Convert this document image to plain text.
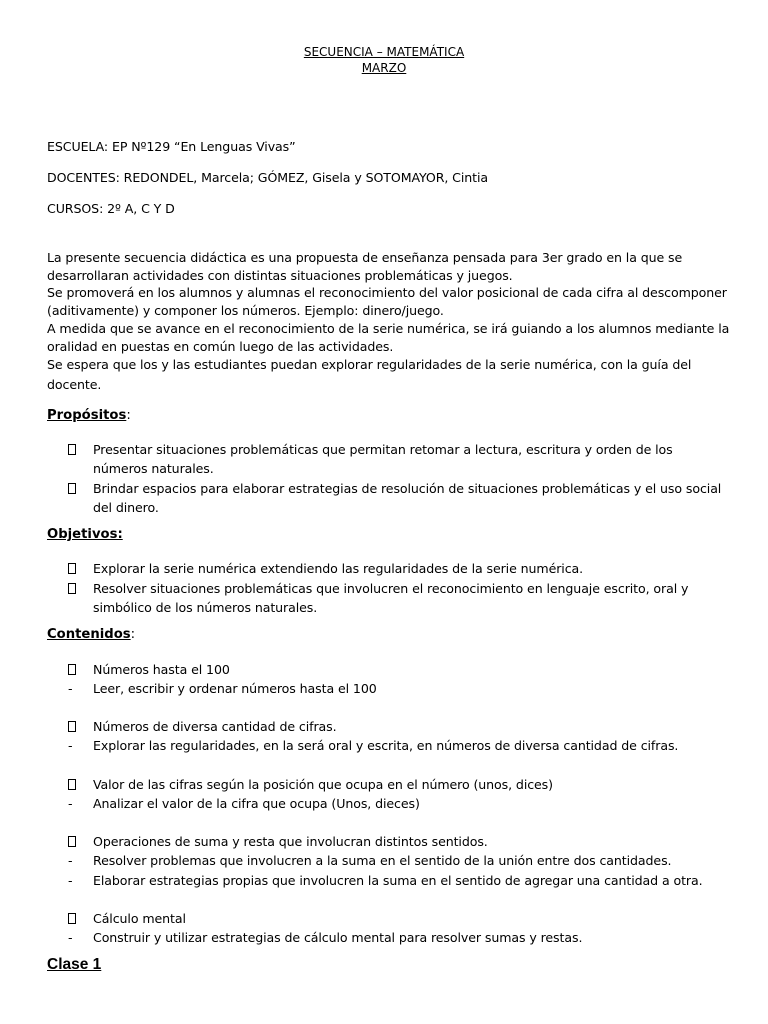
SECUENCIA – MATEMÁTICA
MARZO
ESCUELA: EP Nº129 “En Lenguas Vivas”
DOCENTES: REDONDEL, Marcela; GÓMEZ, Gisela y SOTOMAYOR, Cintia
CURSOS: 2º A, C Y D
La presente secuencia didáctica es una propuesta de enseñanza pensada para 3er grado en la que se desarrollaran actividades con distintas situaciones problemáticas y juegos.
Se promoverá en los alumnos y alumnas el reconocimiento del valor posicional de cada cifra al descomponer (aditivamente) y componer los números. Ejemplo: dinero/juego.
A medida que se avance en el reconocimiento de la serie numérica, se irá guiando a los alumnos mediante la oralidad en puestas en común luego de las actividades.
Se espera que los y las estudiantes puedan explorar regularidades de la serie numérica, con la guía del docente.
Propósitos:
Presentar situaciones problemáticas que permitan retomar a lectura, escritura y orden de los números naturales.
Brindar espacios para elaborar estrategias de resolución de situaciones problemáticas y el uso social del dinero.
Objetivos:
Explorar la serie numérica extendiendo las regularidades de la serie numérica.
Resolver situaciones problemáticas que involucren el reconocimiento en lenguaje escrito, oral y simbólico de los números naturales.
Contenidos:
Números hasta el 100
- Leer, escribir y ordenar números hasta el 100
Números de diversa cantidad de cifras.
- Explorar las regularidades, en la será oral y escrita, en números de diversa cantidad de cifras.
Valor de las cifras según la posición que ocupa en el número (unos, dices)
- Analizar el valor de la cifra que ocupa (Unos, dieces)
Operaciones de suma y resta que involucran distintos sentidos.
- Resolver problemas que involucren a la suma en el sentido de la unión entre dos cantidades.
- Elaborar estrategias propias que involucren la suma en el sentido de agregar una cantidad a otra.
Cálculo mental
- Construir y utilizar estrategias de cálculo mental para resolver sumas y restas.
Clase 1
